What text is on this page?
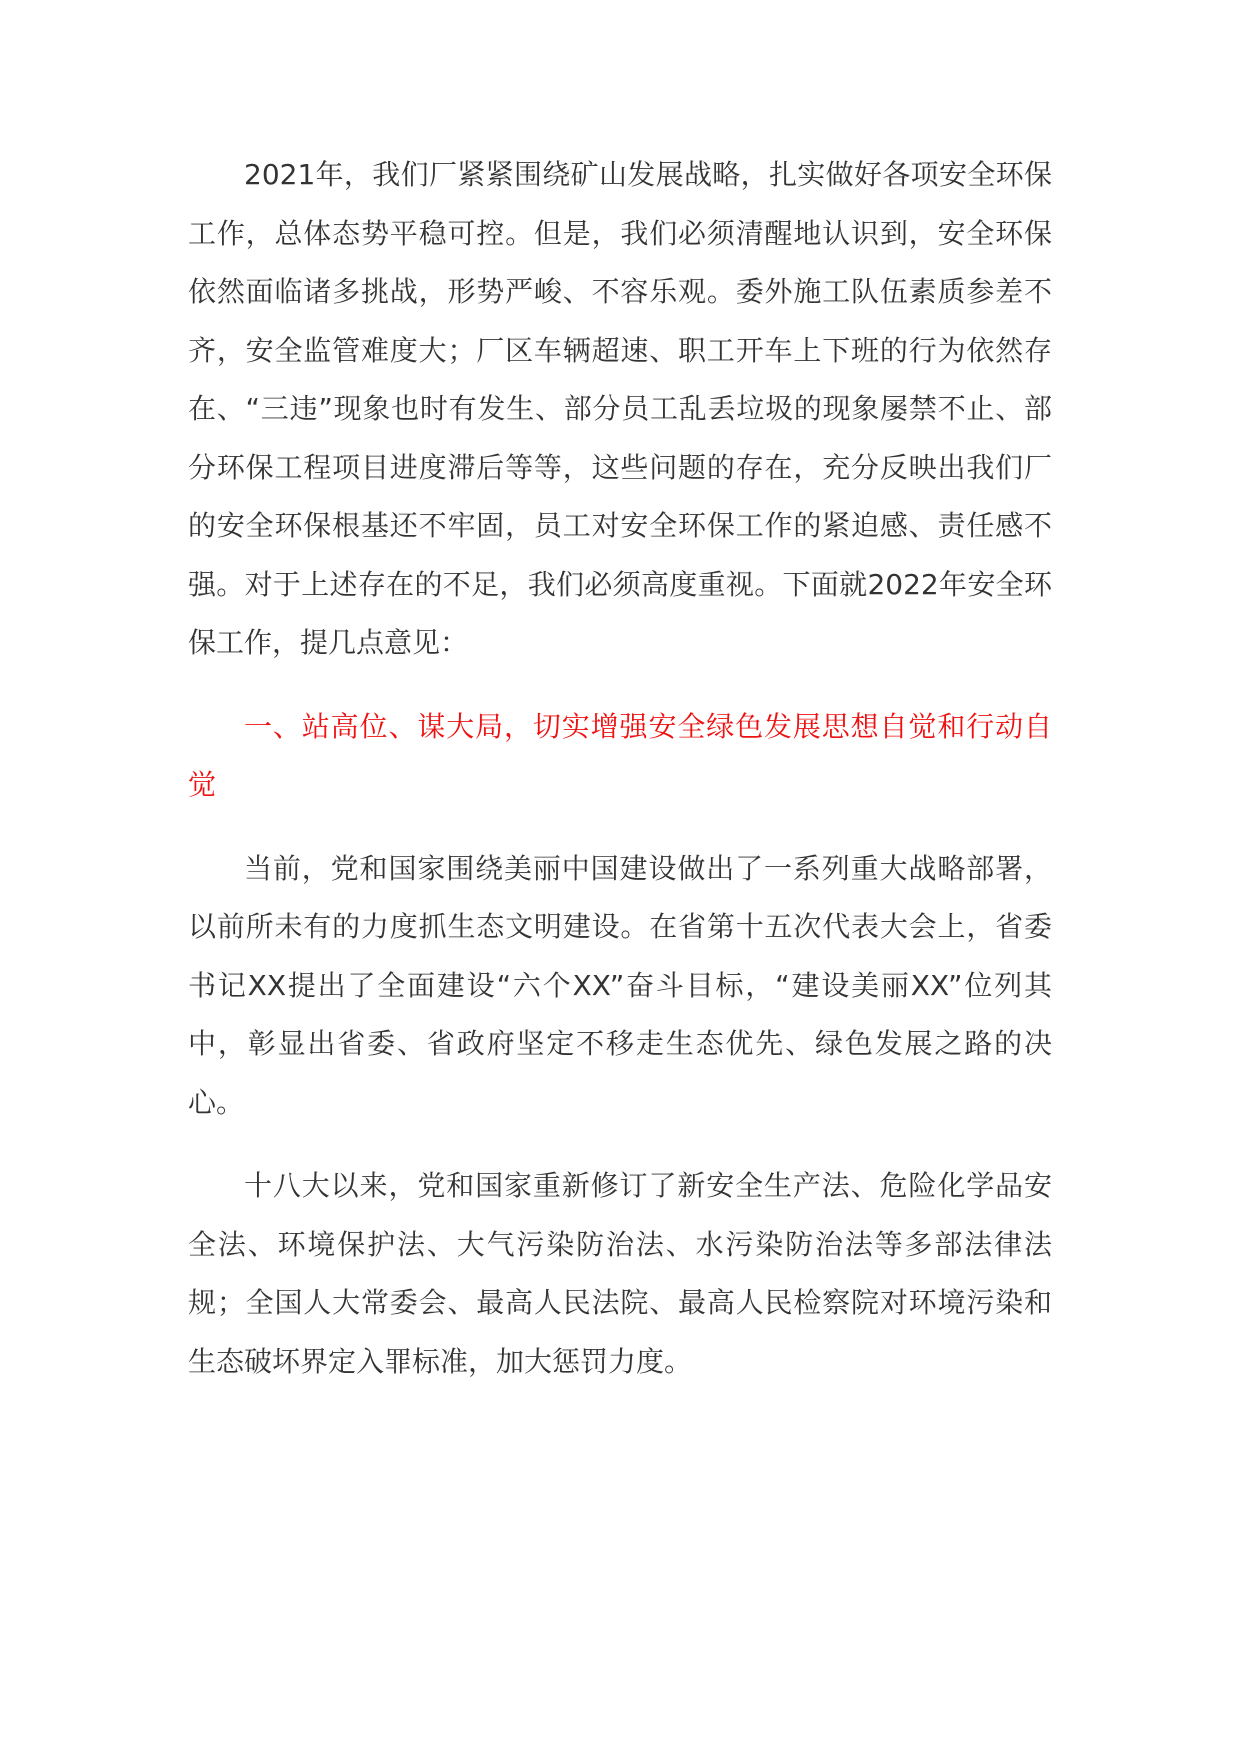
2021年，我们厂紧紧围绕矿山发展战略，扎实做好各项安全环保工作，总体态势平稳可控。但是，我们必须清醒地认识到，安全环保依然面临诸多挑战，形势严峻、不容乐观。委外施工队伍素质参差不齐，安全监管难度大；厂区车辆超速、职工开车上下班的行为依然存在、“三违”现象也时有发生、部分员工乱丢垃圾的现象屡禁不止、部分环保工程项目进度滞后等等，这些问题的存在，充分反映出我们厂的安全环保根基还不牢固，员工对安全环保工作的紧迫感、责任感不强。对于上述存在的不足，我们必须高度重视。下面就2022年安全环保工作，提几点意见：

一、站高位、谋大局，切实增强安全绿色发展思想自觉和行动自觉

当前，党和国家围绕美丽中国建设做出了一系列重大战略部署，以前所未有的力度抓生态文明建设。在省第十五次代表大会上，省委书记XX提出了全面建设“六个XX”奋斗目标，“建设美丽XX”位列其中，彰显出省委、省政府坚定不移走生态优先、绿色发展之路的决心。

十八大以来，党和国家重新修订了新安全生产法、危险化学品安全法、环境保护法、大气污染防治法、水污染防治法等多部法律法规；全国人大常委会、最高人民法院、最高人民检察院对环境污染和生态破坏界定入罪标准，加大惩罚力度。
